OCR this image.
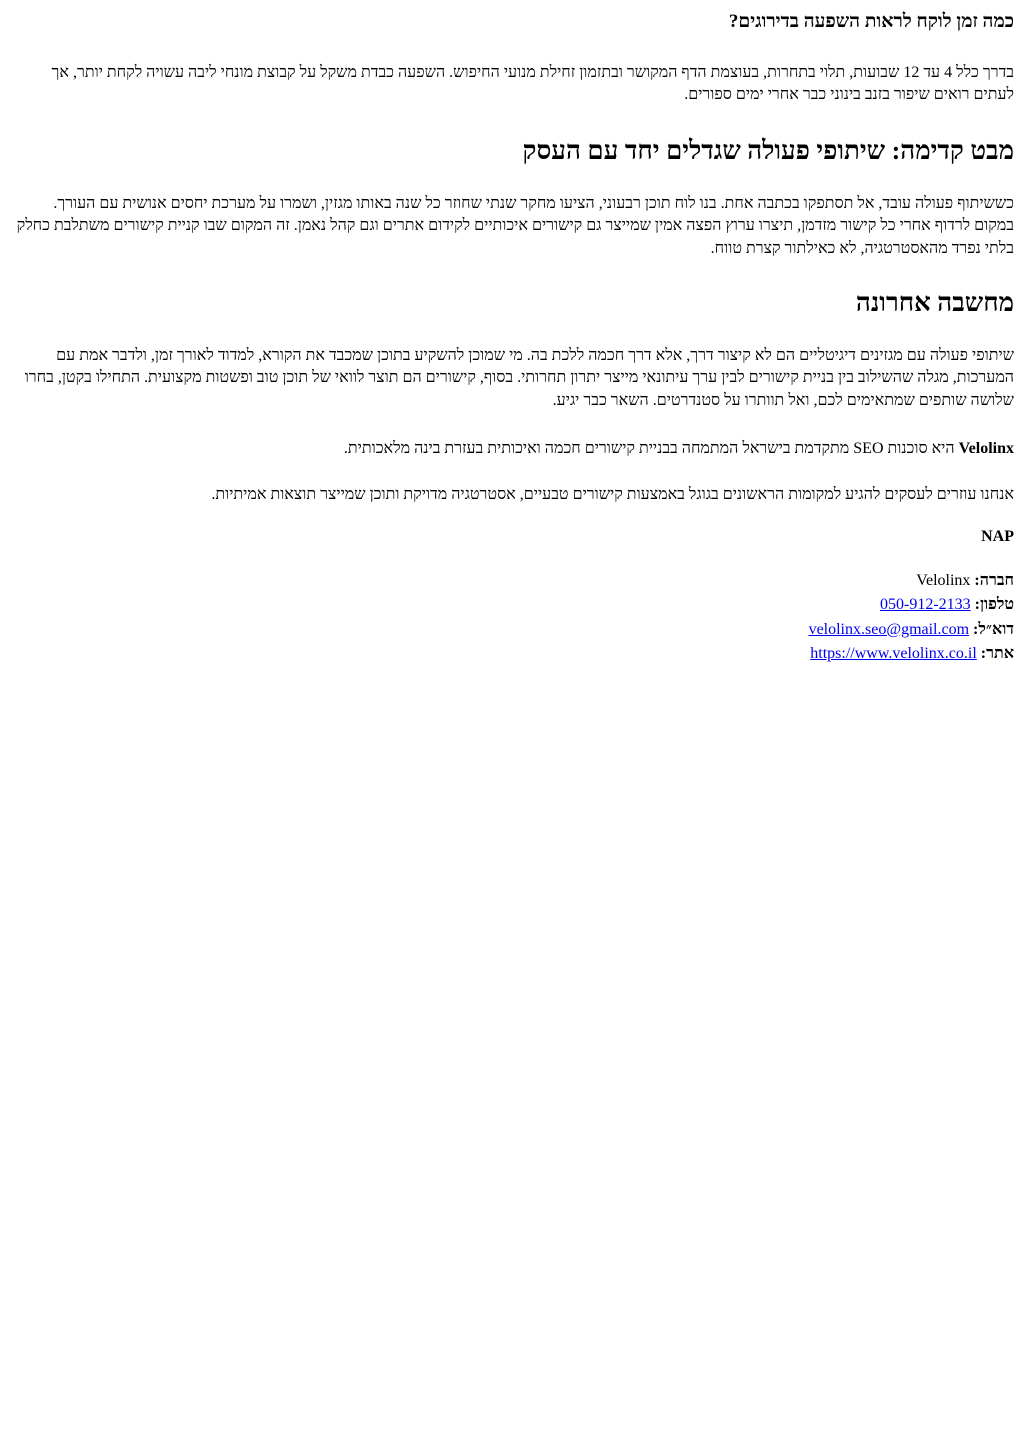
כמה זמן לוקח לראות השפעה בדירוגים?

בדרך כלל 4 עד 12 שבועות, תלוי בתחרות, בעוצמת הדף המקושר ובתזמון זחילת מנועי החיפוש. השפעה כבדת משקל על קבוצת מונחי ליבה עשויה לקחת יותר, אך לעתים רואים שיפור בזנב בינוני כבר אחרי ימים ספורים.

מבט קדימה: שיתופי פעולה שגדלים יחד עם העסק

כששיתוף פעולה עובד, אל תסתפקו בכתבה אחת. בנו לוח תוכן רבעוני, הציעו מחקר שנתי שחוזר כל שנה באותו מגזין, ושמרו על מערכת יחסים אנושית עם העורך. במקום לרדוף אחרי כל קישור מזדמן, תיצרו ערוץ הפצה אמין שמייצר גם קישורים איכותיים לקידום אתרים וגם קהל נאמן. זה המקום שבו קניית קישורים משתלבת כחלק בלתי נפרד מהאסטרטגיה, לא כאילתור קצרת טווח.

מחשבה אחרונה

שיתופי פעולה עם מגזינים דיגיטליים הם לא קיצור דרך, אלא דרך חכמה ללכת בה. מי שמוכן להשקיע בתוכן שמכבד את הקורא, למדוד לאורך זמן, ולדבר אמת עם המערכות, מגלה שהשילוב בין בניית קישורים לבין ערך עיתונאי מייצר יתרון תחרותי. בסוף, קישורים הם תוצר לוואי של תוכן טוב ופשטות מקצועית. התחילו בקטן, בחרו שלושה שותפים שמתאימים לכם, ואל תוותרו על סטנדרטים. השאר כבר יגיע.

Velolinx היא סוכנות SEO מתקדמת בישראל המתמחה בבניית קישורים חכמה ואיכותית בעזרת בינה מלאכותית.

אנחנו עוזרים לעסקים להגיע למקומות הראשונים בגוגל באמצעות קישורים טבעיים, אסטרטגיה מדויקת ותוכן שמייצר תוצאות אמיתיות.

NAP

חברה: Velolinx
טלפון: 050-912-2133
דוא״ל: velolinx.seo@gmail.com
אתר: https://www.velolinx.co.il
